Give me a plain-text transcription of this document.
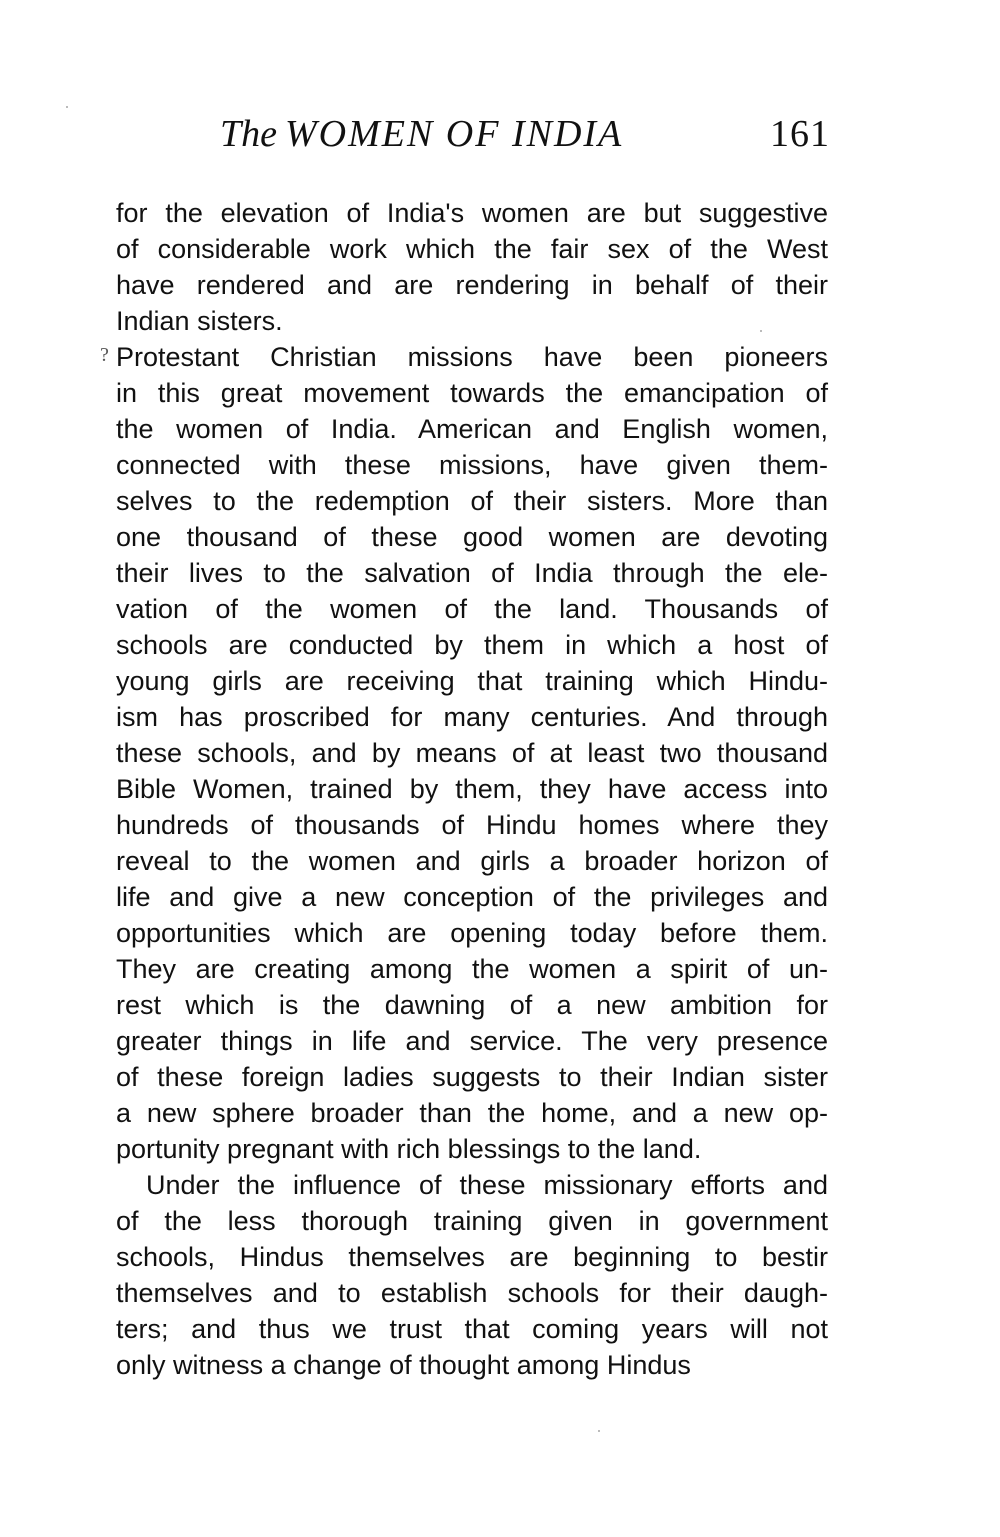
The WOMEN OF INDIA	161
?
for the elevation of India's women are but suggestive
of considerable work which the fair sex of the West
have rendered and are rendering in behalf of their
Indian sisters.
Protestant Christian missions have been pioneers
in this great movement towards the emancipation of
the women of India. American and English women,
connected with these missions, have given them-
selves to the redemption of their sisters. More than
one thousand of these good women are devoting
their lives to the salvation of India through the ele-
vation of the women of the land. Thousands of
schools are conducted by them in which a host of
young girls are receiving that training which Hindu-
ism has proscribed for many centuries. And through
these schools, and by means of at least two thousand
Bible Women, trained by them, they have access into
hundreds of thousands of Hindu homes where they
reveal to the women and girls a broader horizon of
life and give a new conception of the privileges and
opportunities which are opening today before them.
They are creating among the women a spirit of un-
rest which is the dawning of a new ambition for
greater things in life and service. The very presence
of these foreign ladies suggests to their Indian sister
a new sphere broader than the home, and a new op-
portunity pregnant with rich blessings to the land.
Under the influence of these missionary efforts and
of the less thorough training given in government
schools, Hindus themselves are beginning to bestir
themselves and to establish schools for their daugh-
ters; and thus we trust that coming years will not
only witness a change of thought among Hindus
